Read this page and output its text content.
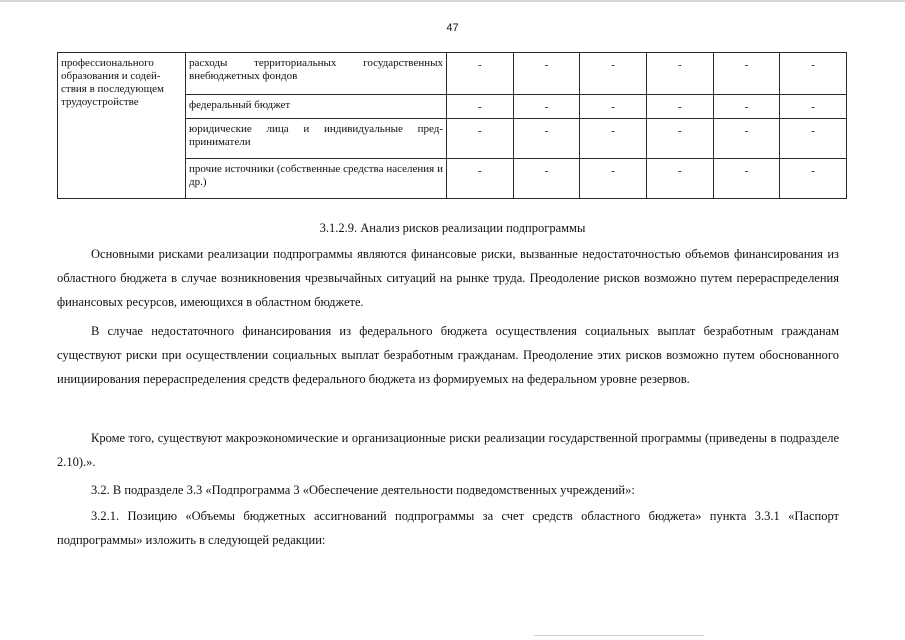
47
профессионального образования и содействия в последующем трудоустройстве	расходы территориальных государственных внебюджетных фондов	-	-	-	-	-	-
	федеральный бюджет	-	-	-	-	-	-
	юридические лица и индивидуальные предприниматели	-	-	-	-	-	-
	прочие источники (собственные средства населения и др.)	-	-	-	-	-	-
3.1.2.9. Анализ рисков реализации подпрограммы

Основными рисками реализации подпрограммы являются финансовые риски, вызванные недостаточностью объемов финансирования из областного бюджета в случае возникновения чрезвычайных ситуаций на рынке труда. Преодоление рисков возможно путем перераспределения финансовых ресурсов, имеющихся в областном бюджете.

В случае недостаточного финансирования из федерального бюджета осуществления социальных выплат безработным гражданам существуют риски при осуществлении социальных выплат безработным гражданам. Преодоление этих рисков возможно путем обоснованного инициирования перераспределения средств федерального бюджета из формируемых на федеральном уровне резервов.

Кроме того, существуют макроэкономические и организационные риски реализации государственной программы (приведены в подразделе 2.10).».

3.2. В подразделе 3.3 «Подпрограмма 3 «Обеспечение деятельности подведомственных учреждений»:

3.2.1. Позицию «Объемы бюджетных ассигнований подпрограммы за счет средств областного бюджета» пункта 3.3.1 «Паспорт подпрограммы» изложить в следующей редакции:
